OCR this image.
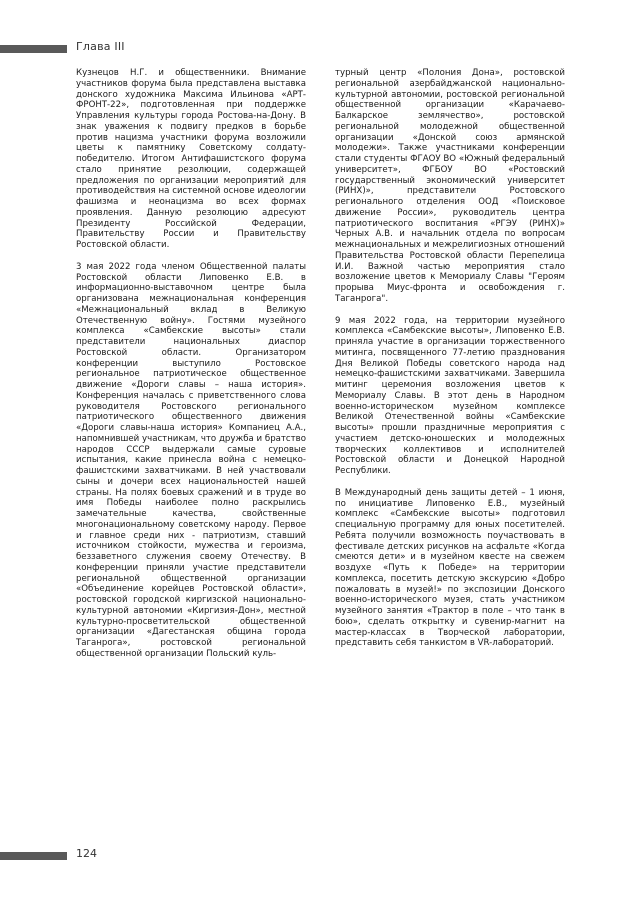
Глава III

Кузнецов Н.Г. и общественники. Внимание участников форума была представлена выставка донского художника Максима Ильинова «АРТ-ФРОНТ-22», подготовленная при поддержке Управления культуры города Ростова-на-Дону. В знак уважения к подвигу предков в борьбе против нацизма участники форума возложили цветы к памятнику Советскому солдату-победителю. Итогом Антифашистского форума стало принятие резолюции, содержащей предложения по организации мероприятий для противодействия на системной основе идеологии фашизма и неонацизма во всех формах проявления. Данную резолюцию адресуют Президенту Российской Федерации, Правительству России и Правительству Ростовской области.

3 мая 2022 года членом Общественной палаты Ростовской области Липовенко Е.В. в информационно-выставочном центре была организована межнациональная конференция «Межнациональный вклад в Великую Отечественную войну». Гостями музейного комплекса «Самбекские высоты» стали представители национальных диаспор Ростовской области. Организатором конференции выступило Ростовское региональное патриотическое общественное движение «Дороги славы – наша история». Конференция началась с приветственного слова руководителя Ростовского регионального патриотического общественного движения «Дороги славы-наша история» Компаниец А.А., напомнившей участникам, что дружба и братство народов СССР выдержали самые суровые испытания, какие принесла война с немецко-фашистскими захватчиками. В ней участвовали сыны и дочери всех национальностей нашей страны. На полях боевых сражений и в труде во имя Победы наиболее полно раскрылись замечательные качества, свойственные многонациональному советскому народу. Первое и главное среди них - патриотизм, ставший источником стойкости, мужества и героизма, беззаветного служения своему Отечеству. В конференции приняли участие представители региональной общественной организации «Объединение корейцев Ростовской области», ростовской городской киргизской национально-культурной автономии «Киргизия-Дон», местной культурно-просветительской общественной организации «Дагестанская община города Таганрога», ростовской региональной общественной организации Польский куль-

турный центр «Полония Дона», ростовской региональной азербайджанской национально-культурной автономии, ростовской региональной общественной организации «Карачаево-Балкарское землячество», ростовской региональной молодежной общественной организации «Донской союз армянской молодежи». Также участниками конференции стали студенты ФГАОУ ВО «Южный федеральный университет», ФГБОУ ВО «Ростовский государственный экономический университет (РИНХ)», представители Ростовского регионального отделения ООД «Поисковое движение России», руководитель центра патриотического воспитания «РГЭУ (РИНХ)» Черных А.В. и начальник отдела по вопросам межнациональных и межрелигиозных отношений Правительства Ростовской области Перепелица И.И. Важной частью мероприятия стало возложение цветов к Мемориалу Славы "Героям прорыва Миус-фронта и освобождения г. Таганрога".

9 мая 2022 года, на территории музейного комплекса «Самбекские высоты», Липовенко Е.В. приняла участие в организации торжественного митинга, посвященного 77-летию празднования Дня Великой Победы советского народа над немецко-фашистскими захватчиками. Завершила митинг церемония возложения цветов к Мемориалу Славы. В этот день в Народном военно-историческом музейном комплексе Великой Отечественной войны «Самбекские высоты» прошли праздничные мероприятия с участием детско-юношеских и молодежных творческих коллективов и исполнителей Ростовской области и Донецкой Народной Республики.

В Международный день защиты детей – 1 июня, по инициативе Липовенко Е.В., музейный комплекс «Самбекские высоты» подготовил специальную программу для юных посетителей. Ребята получили возможность поучаствовать в фестивале детских рисунков на асфальте «Когда смеются дети» и в музейном квесте на свежем воздухе «Путь к Победе» на территории комплекса, посетить детскую экскурсию «Добро пожаловать в музей!» по экспозиции Донского военно-исторического музея, стать участником музейного занятия «Трактор в поле – что танк в бою», сделать открытку и сувенир-магнит на мастер-классах в Творческой лаборатории, представить себя танкистом в VR-лабораторий.

124
